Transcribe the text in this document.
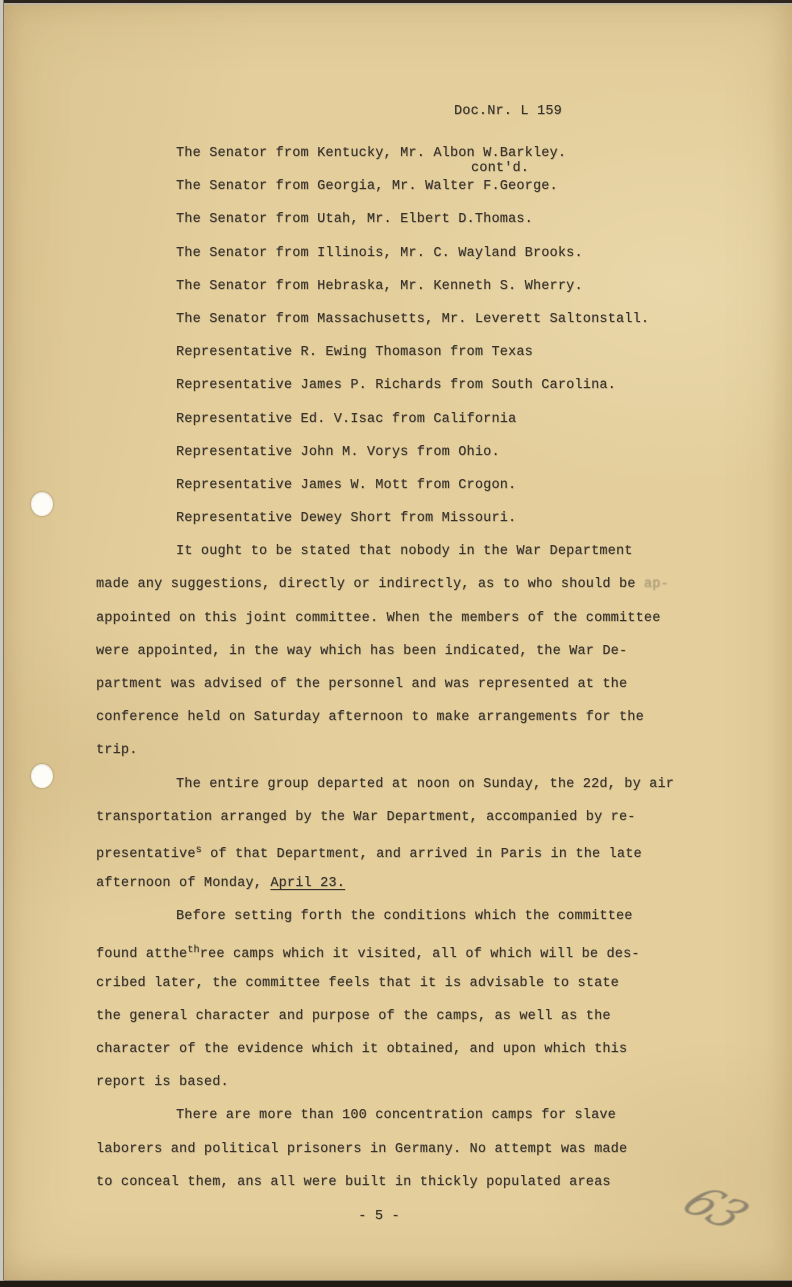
Doc.Nr. L 159

cont'd.

The Senator from Kentucky, Mr. Albon W.Barkley.
The Senator from Georgia, Mr. Walter F.George.
The Senator from Utah, Mr. Elbert D.Thomas.
The Senator from Illinois, Mr. C. Wayland Brooks.
The Senator from Hebraska, Mr. Kenneth S. Wherry.
The Senator from Massachusetts, Mr. Leverett Saltonstall.
Representative R. Ewing Thomason from Texas
Representative James P. Richards from South Carolina.
Representative Ed. V.Isac from California
Representative John M. Vorys from Ohio.
Representative James W. Mott from Crogon.
Representative Dewey Short from Missouri.
It ought to be stated that nobody in the War Department
made any suggestions, directly or indirectly, as to who should be ap-
appointed on this joint committee. When the members of the committee
were appointed, in the way which has been indicated, the War De-
partment was advised of the personnel and was represented at the
conference held on Saturday afternoon to make arrangements for the
trip.
The entire group departed at noon on Sunday, the 22d, by air
transportation arranged by the War Department, accompanied by re-
presentative$^s$ of that Department, and arrived in Paris in the late
afternoon of Monday, April 23.
Before setting forth the conditions which the committee
found atthe$^{th}$ree camps which it visited, all of which will be des-
cribed later, the committee feels that it is advisable to state
the general character and purpose of the camps, as well as the
character of the evidence which it obtained, and upon which this
report is based.
There are more than 100 concentration camps for slave
laborers and political prisoners in Germany. No attempt was made
to conceal them, ans all were built in thickly populated areas
- 5 -	63
